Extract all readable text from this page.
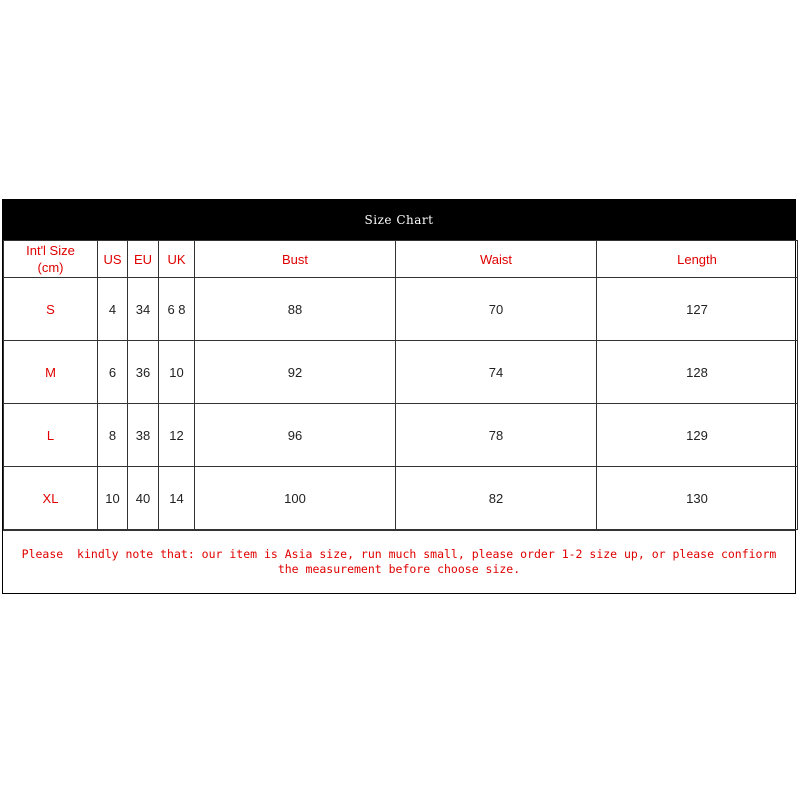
Size Chart
Int'l Size
(cm)	US	EU	UK	Bust	Waist	Length
S	4	34	6 8	88	70	127
M	6	36	10	92	74	128
L	8	38	12	96	78	129
XL	10	40	14	100	82	130
Please  kindly note that: our item is Asia size, run much small, please order 1-2 size up, or please confiorm the measurement before choose size.
